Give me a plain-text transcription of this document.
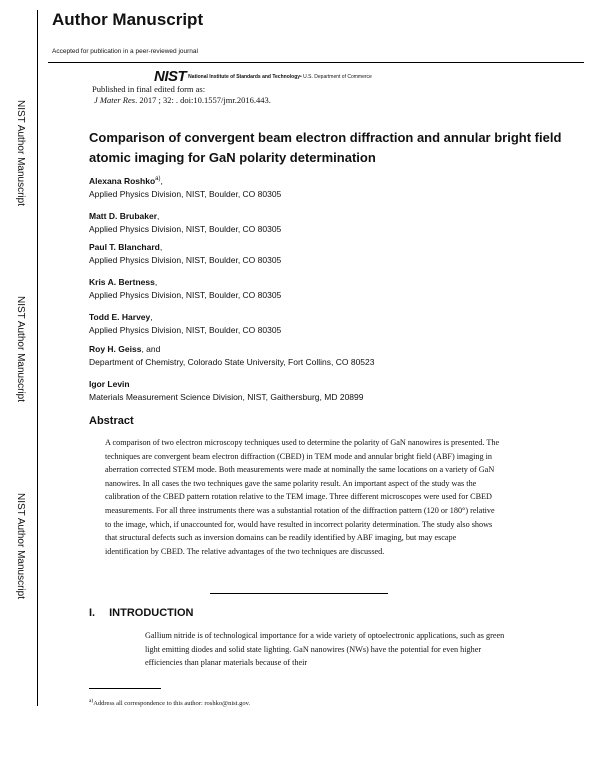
Author Manuscript
Accepted for publication in a peer-reviewed journal
NIST National Institute of Standards and Technology• U.S. Department of Commerce
NIST Author Manuscript
NIST Author Manuscript
NIST Author Manuscript
Published in final edited form as:
J Mater Res. 2017 ; 32: . doi:10.1557/jmr.2016.443.
Comparison of convergent beam electron diffraction and annular bright field atomic imaging for GaN polarity determination
Alexana Roshko$^{a)}$,
Applied Physics Division, NIST, Boulder, CO 80305
Matt D. Brubaker,
Applied Physics Division, NIST, Boulder, CO 80305
Paul T. Blanchard,
Applied Physics Division, NIST, Boulder, CO 80305
Kris A. Bertness,
Applied Physics Division, NIST, Boulder, CO 80305
Todd E. Harvey,
Applied Physics Division, NIST, Boulder, CO 80305
Roy H. Geiss, and
Department of Chemistry, Colorado State University, Fort Collins, CO 80523
Igor Levin
Materials Measurement Science Division, NIST, Gaithersburg, MD 20899
Abstract
A comparison of two electron microscopy techniques used to determine the polarity of GaN nanowires is presented. The techniques are convergent beam electron diffraction (CBED) in TEM mode and annular bright field (ABF) imaging in aberration corrected STEM mode. Both measurements were made at nominally the same locations on a variety of GaN nanowires. In all cases the two techniques gave the same polarity result. An important aspect of the study was the calibration of the CBED pattern rotation relative to the TEM image. Three different microscopes were used for CBED measurements. For all three instruments there was a substantial rotation of the diffraction pattern (120 or 180°) relative to the image, which, if unaccounted for, would have resulted in incorrect polarity determination. The study also shows that structural defects such as inversion domains can be readily identified by ABF imaging, but may escape identification by CBED. The relative advantages of the two techniques are discussed.
I. INTRODUCTION
Gallium nitride is of technological importance for a wide variety of optoelectronic applications, such as green light emitting diodes and solid state lighting. GaN nanowires (NWs) have the potential for even higher efficiencies than planar materials because of their
$^{a)}$Address all correspondence to this author: roshko@nist.gov.
